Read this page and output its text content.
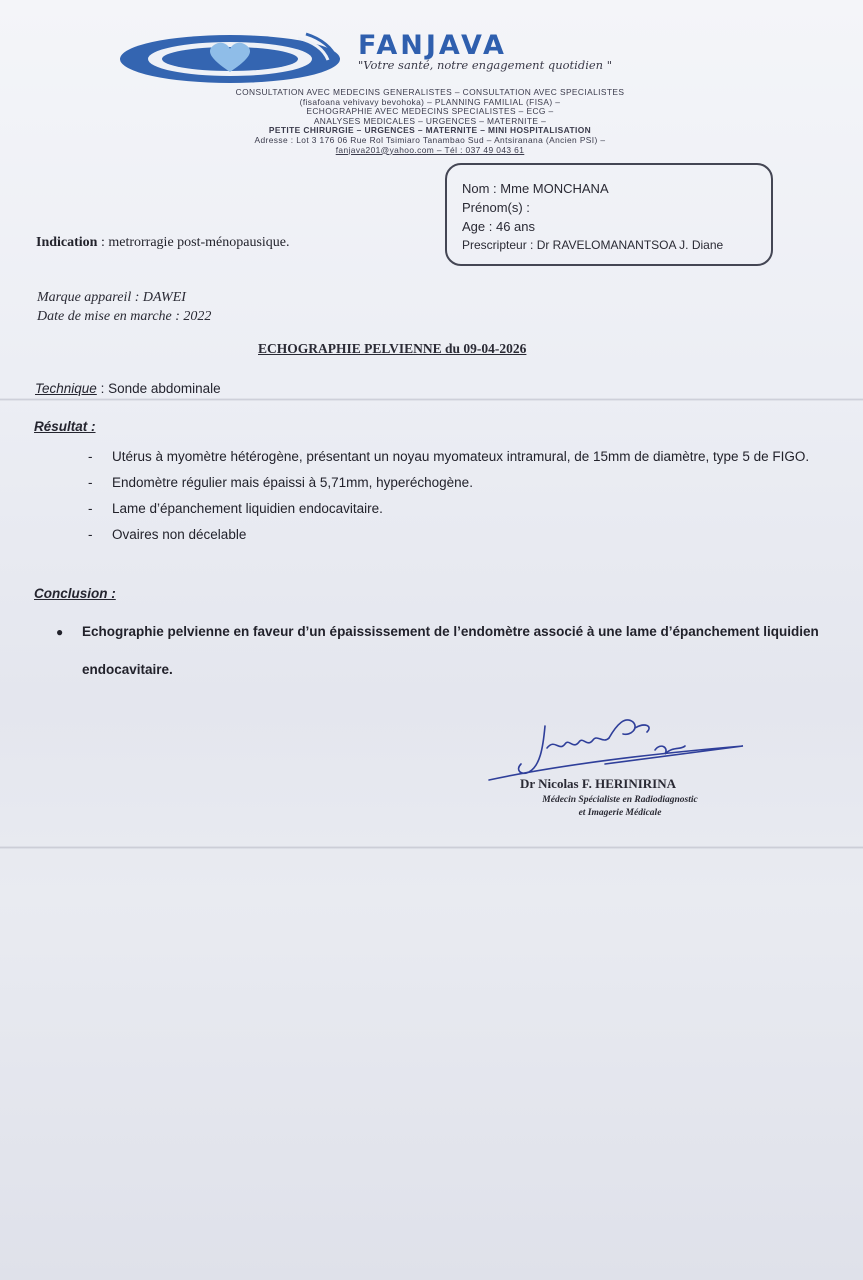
FANJAVA
"Votre santé, notre engagement quotidien "
CONSULTATION AVEC MEDECINS GENERALISTES – CONSULTATION AVEC SPECIALISTES
(fisafoana vehivavy bevohoka) – PLANNING FAMILIAL (FISA) –
ECHOGRAPHIE AVEC MEDECINS SPECIALISTES – ECG –
ANALYSES MEDICALES – URGENCES – MATERNITE –
PETITE CHIRURGIE – URGENCES – MATERNITE – MINI HOSPITALISATION
Adresse : Lot 3 176 06 Rue Rol Tsimiaro Tanambao Sud – Antsiranana (Ancien PSI) –
fanjava201@yahoo.com – Tél : 037 49 043 61
Nom : Mme MONCHANA
Prénom(s) :
Age : 46 ans
Prescripteur : Dr RAVELOMANANTSOA J. Diane
Indication : metrorragie post-ménopausique.
Marque appareil : DAWEI
Date de mise en marche : 2022
ECHOGRAPHIE PELVIENNE du 09-04-2026
Technique : Sonde abdominale
Résultat :
- Utérus à myomètre hétérogène, présentant un noyau myomateux intramural, de 15mm de diamètre, type 5 de FIGO.
- Endomètre régulier mais épaissi à 5,71mm, hyperéchogène.
- Lame d’épanchement liquidien endocavitaire.
- Ovaires non décelable
Conclusion :
●	Echographie pelvienne en faveur d’un épaississement de l’endomètre associé à une lame d’épanchement liquidien endocavitaire.
Dr Nicolas F. HERINIRINA
Médecin Spécialiste en Radiodiagnostic
et Imagerie Médicale
